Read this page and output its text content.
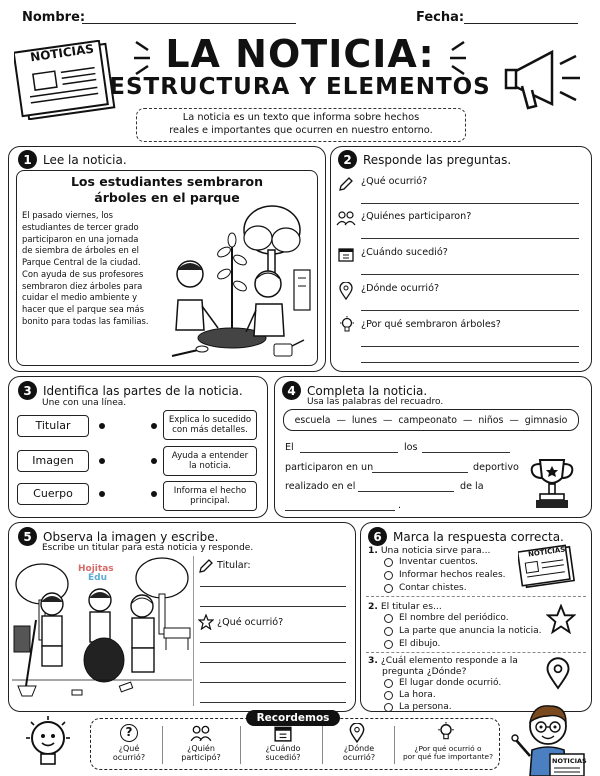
Nombre:	Fecha:
NOTICIAS	LA NOTICIA:
ESTRUCTURA Y ELEMENTOS
La noticia es un texto que informa sobre hechos
reales e importantes que ocurren en nuestro entorno.
1 Lee la noticia.
Los estudiantes sembraron
árboles en el parque
El pasado viernes, los
estudiantes de tercer grado
participaron en una jornada
de siembra de árboles en el
Parque Central de la ciudad.
Con ayuda de sus profesores
sembraron diez árboles para
cuidar el medio ambiente y
hacer que el parque sea más
bonito para todas las familias.
2 Responde las preguntas.
¿Qué ocurrió?
¿Quiénes participaron?
¿Cuándo sucedió?
¿Dónde ocurrió?
¿Por qué sembraron árboles?
3 Identifica las partes de la noticia.
Une con una línea.
Titular
Imagen
Cuerpo
Explica lo sucedido
con más detalles.
Ayuda a entender
la noticia.
Informa el hecho
principal.
4 Completa la noticia.
Usa las palabras del recuadro.
escuela — lunes — campeonato — niños — gimnasio
El	los
participaron en un	deportivo
realizado en el	de la
.
5 Observa la imagen y escribe.
Escribe un titular para esta noticia y responde.
Hojitas
Edu
Titular:
¿Qué ocurrió?
6 Marca la respuesta correcta.
1. Una noticia sirve para...
Inventar cuentos.
Informar hechos reales.
Contar chistes.
NOTICIAS
2. El titular es...
El nombre del periódico.
La parte que anuncia la noticia.
El dibujo.
3. ¿Cuál elemento responde a la
pregunta ¿Dónde?
El lugar donde ocurrió.
La hora.
La persona.
Recordemos
?
¿Qué
ocurrió?
¿Quién
participó?
¿Cuándo
sucedió?
¿Dónde
ocurrió?
¿Por qué ocurrió o
por qué fue importante?	NOTICIAS
